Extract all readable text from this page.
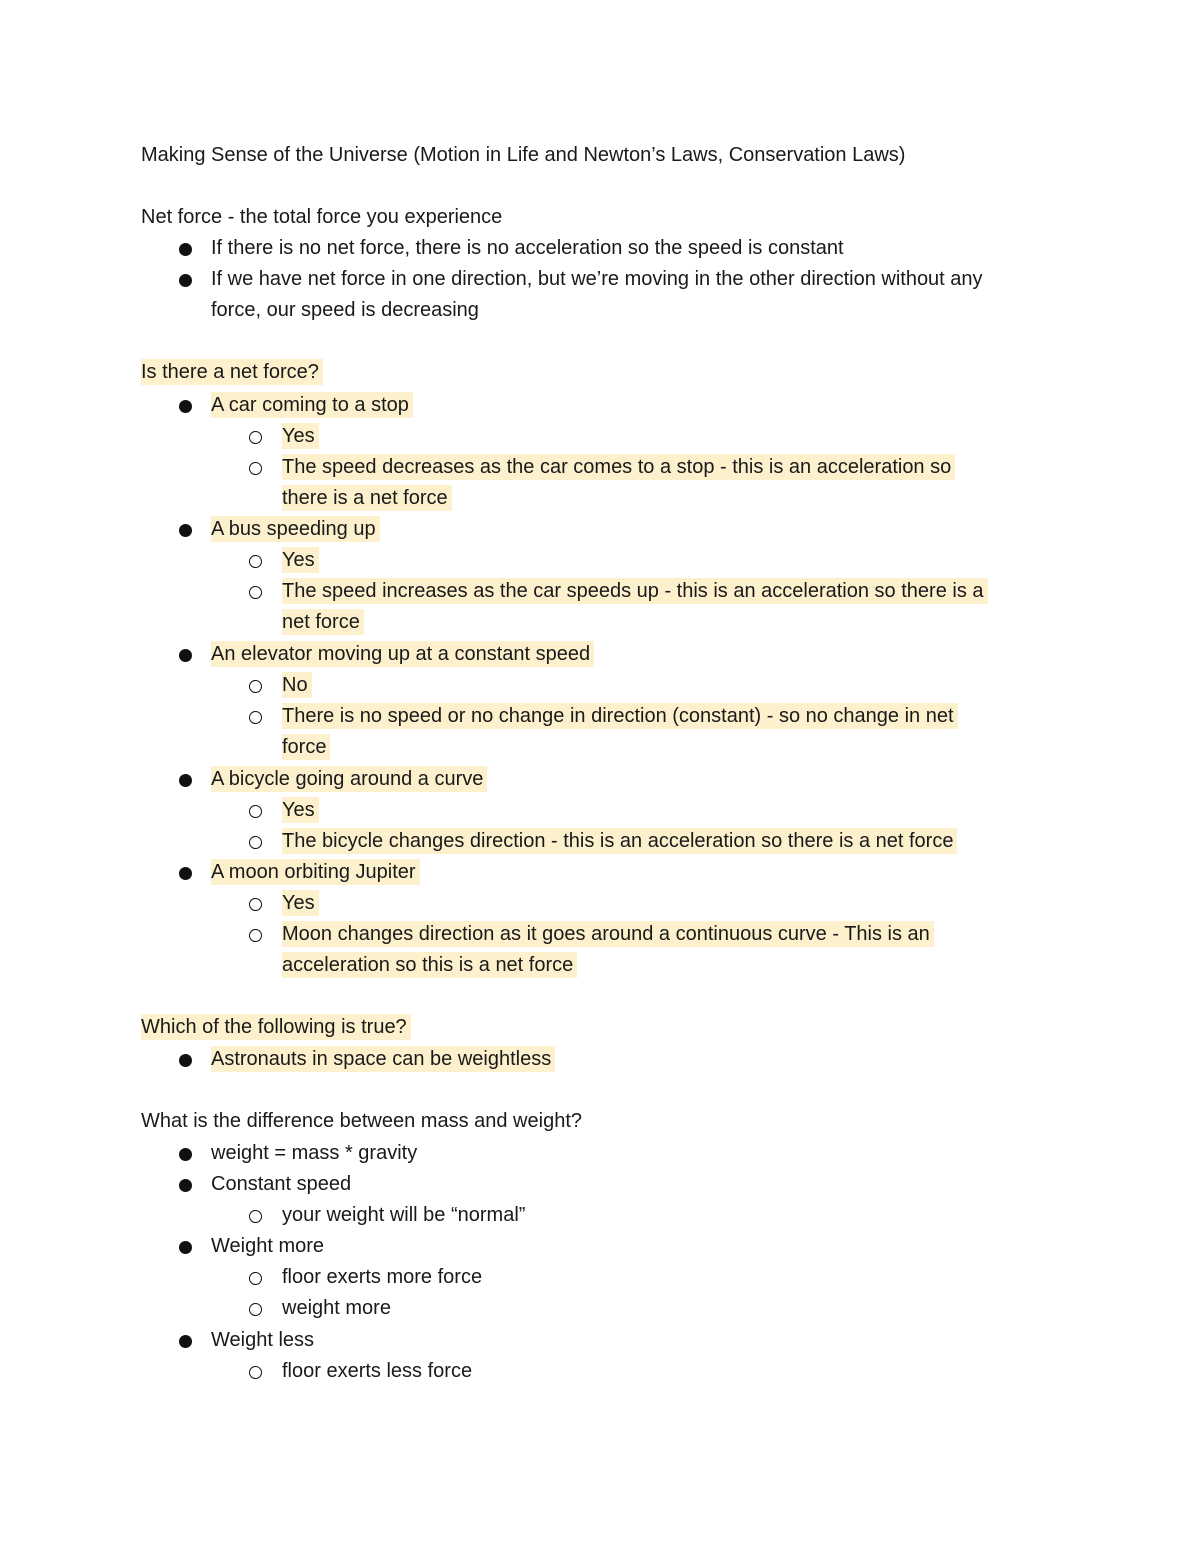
Making Sense of the Universe (Motion in Life and Newton’s Laws, Conservation Laws)

Net force - the total force you experience

If there is no net force, there is no acceleration so the speed is constant

If we have net force in one direction, but we’re moving in the other direction without any

force, our speed is decreasing

Is there a net force?

A car coming to a stop

Yes

The speed decreases as the car comes to a stop - this is an acceleration so

there is a net force

A bus speeding up

Yes

The speed increases as the car speeds up - this is an acceleration so there is a

net force

An elevator moving up at a constant speed

No

There is no speed or no change in direction (constant) - so no change in net

force

A bicycle going around a curve

Yes

The bicycle changes direction - this is an acceleration so there is a net force

A moon orbiting Jupiter

Yes

Moon changes direction as it goes around a continuous curve - This is an

acceleration so this is a net force

Which of the following is true?

Astronauts in space can be weightless

What is the difference between mass and weight?

weight = mass * gravity

Constant speed

your weight will be “normal”

Weight more

floor exerts more force

weight more

Weight less

floor exerts less force
